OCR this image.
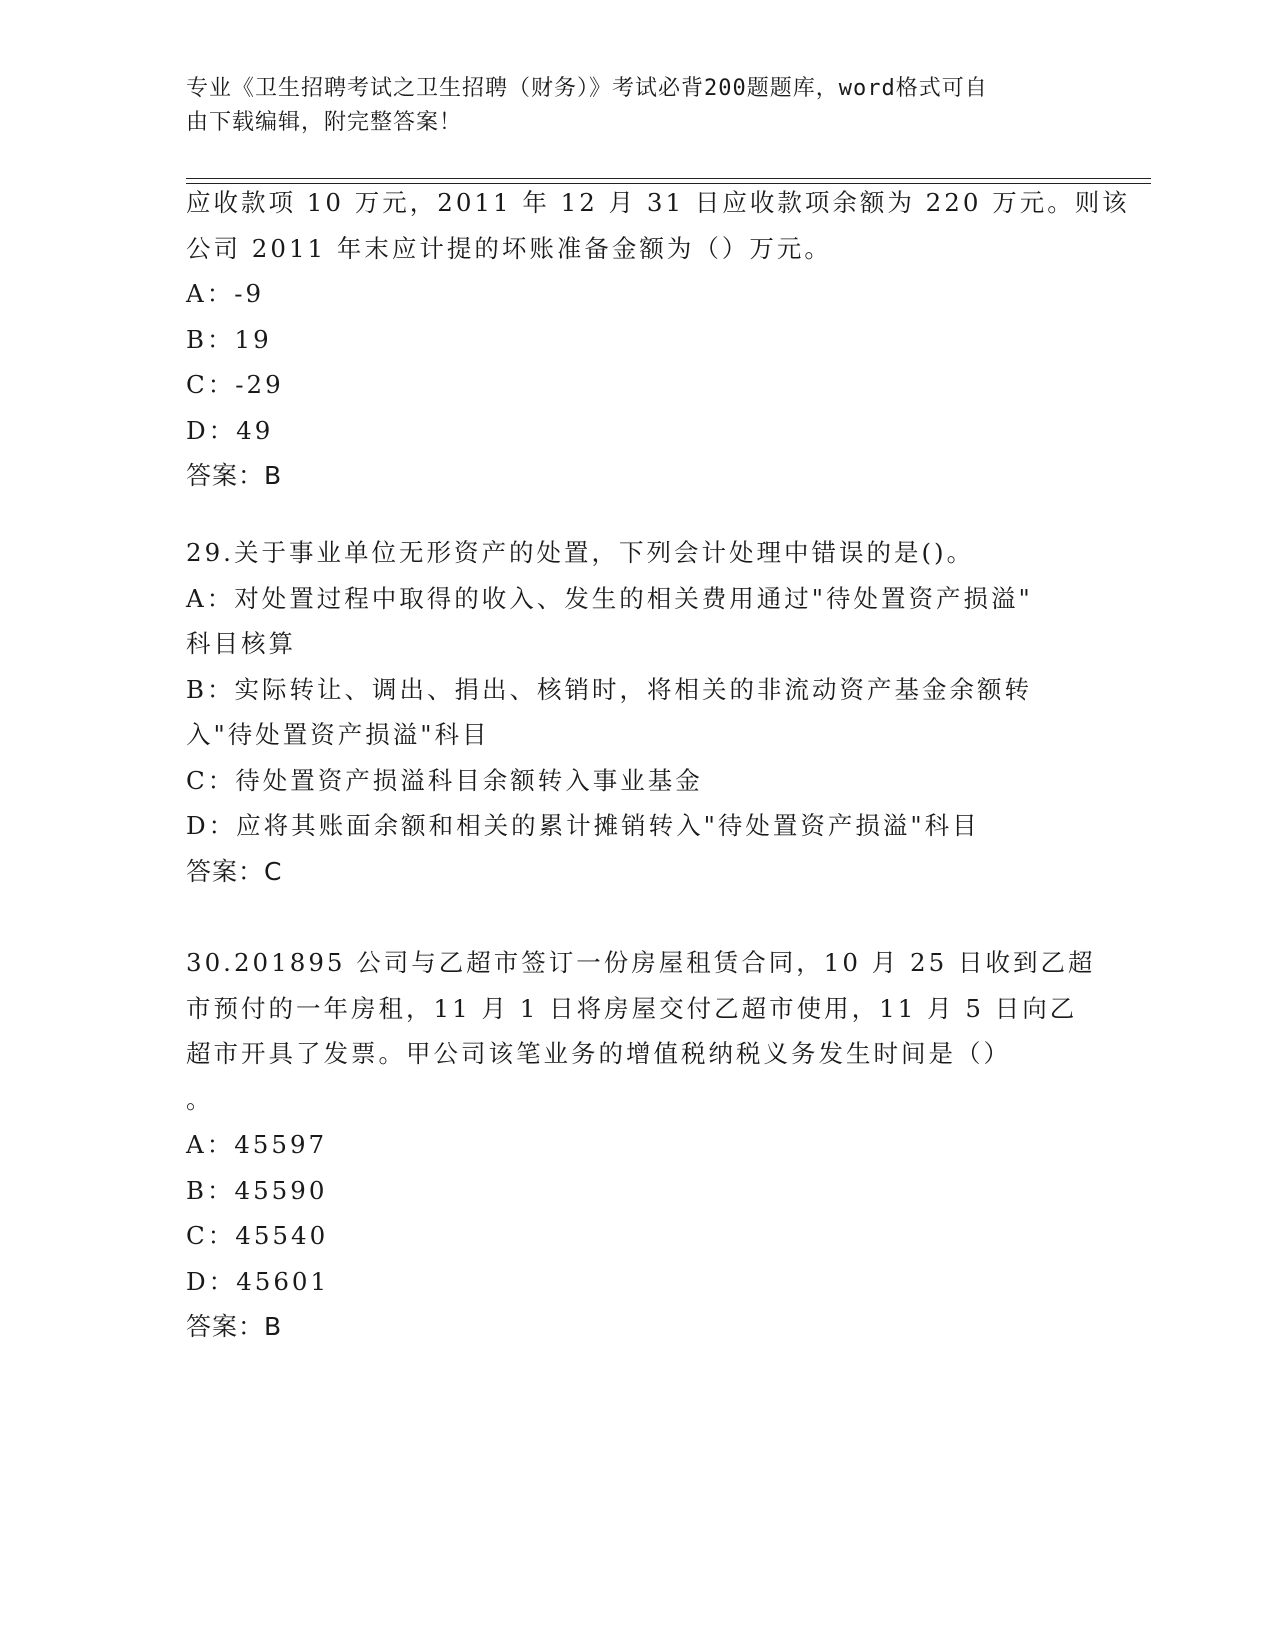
专业《卫生招聘考试之卫生招聘（财务）》考试必背200题题库，word格式可自
由下载编辑，附完整答案！
应收款项 10 万元，2011 年 12 月 31 日应收款项余额为 220 万元。则该
公司 2011 年末应计提的坏账准备金额为（）万元。
A：-9
B：19
C：-29
D：49
答案：B
29.关于事业单位无形资产的处置，下列会计处理中错误的是()。
A：对处置过程中取得的收入、发生的相关费用通过"待处置资产损溢"
科目核算
B：实际转让、调出、捐出、核销时，将相关的非流动资产基金余额转
入"待处置资产损溢"科目
C：待处置资产损溢科目余额转入事业基金
D：应将其账面余额和相关的累计摊销转入"待处置资产损溢"科目
答案：C
30.201895 公司与乙超市签订一份房屋租赁合同，10 月 25 日收到乙超
市预付的一年房租，11 月 1 日将房屋交付乙超市使用，11 月 5 日向乙
超市开具了发票。甲公司该笔业务的增值税纳税义务发生时间是（）
。
A：45597
B：45590
C：45540
D：45601
答案：B
